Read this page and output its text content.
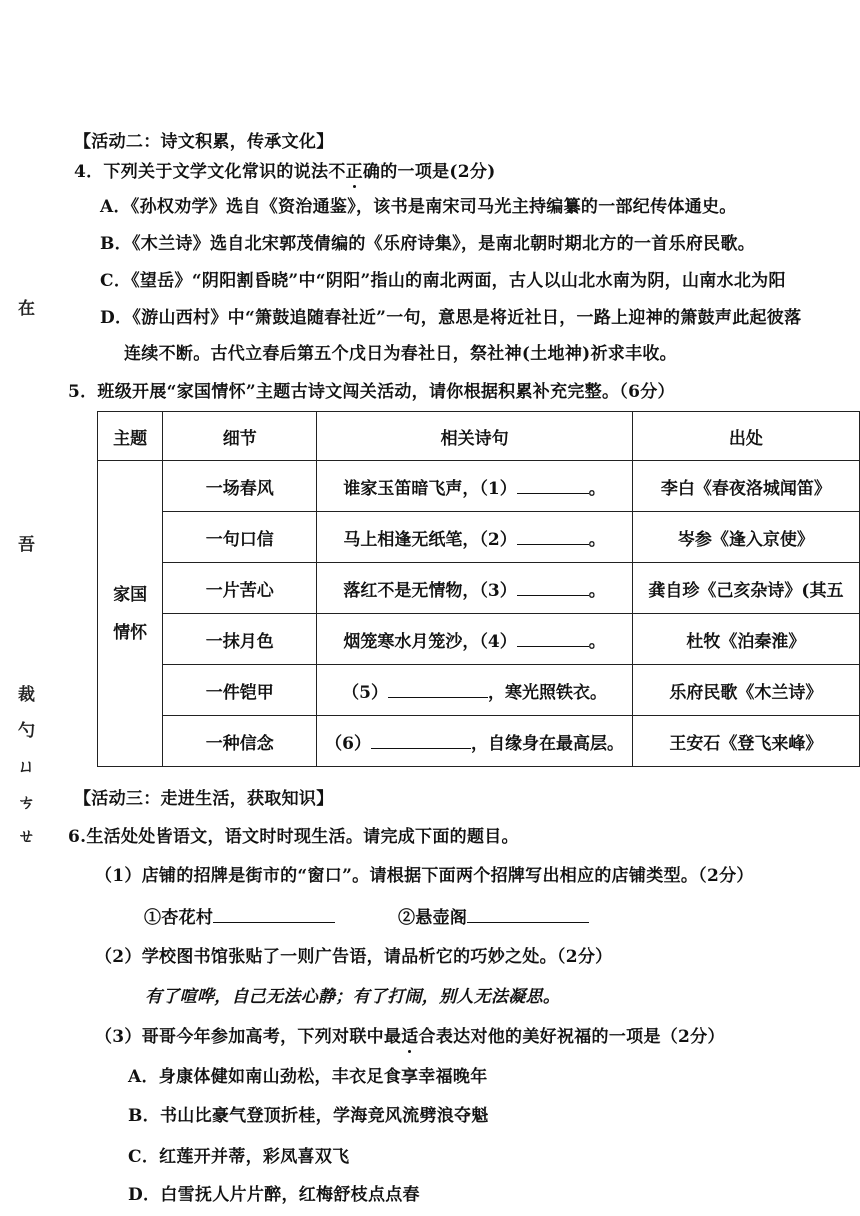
在
吾
裁
勺
ㄩ
ㄘ
ㄝ
【活动二：诗文积累，传承文化】
4．下列关于文学文化常识的说法不正确的一项是(2分)
A．《孙权劝学》选自《资治通鉴》，该书是南宋司马光主持编纂的一部纪传体通史。
B．《木兰诗》选自北宋郭茂倩编的《乐府诗集》，是南北朝时期北方的一首乐府民歌。
C．《望岳》“阴阳割昏晓”中“阴阳”指山的南北两面，古人以山北水南为阴，山南水北为阳
D．《游山西村》中“箫鼓追随春社近”一句，意思是将近社日，一路上迎神的箫鼓声此起彼落
连续不断。古代立春后第五个戊日为春社日，祭社神(土地神)祈求丰收。
5．班级开展“家国情怀”主题古诗文闯关活动，请你根据积累补充完整。（6分）
主题	细节	相关诗句	出处

家国
情怀	一场春风	谁家玉笛暗飞声，（1） 。	李白《春夜洛城闻笛》
	一句口信	马上相逢无纸笔，（2） 。	岑参《逢入京使》
	一片苦心	落红不是无情物，（3） 。	龚自珍《己亥杂诗》(其五
	一抹月色	烟笼寒水月笼沙，（4） 。	杜牧《泊秦淮》
	一件铠甲	（5） ，寒光照铁衣。	乐府民歌《木兰诗》
	一种信念	（6） ，自缘身在最高层。	王安石《登飞来峰》
【活动三：走进生活，获取知识】
6.生活处处皆语文，语文时时现生活。请完成下面的题目。
（1）店铺的招牌是街市的“窗口”。请根据下面两个招牌写出相应的店铺类型。（2分）
①杏花村	②悬壶阁
（2）学校图书馆张贴了一则广告语，请品析它的巧妙之处。（2分）
有了喧哗，自己无法心静；有了打闹，别人无法凝思。
（3）哥哥今年参加高考，下列对联中最适合表达对他的美好祝福的一项是（2分）
A．身康体健如南山劲松，丰衣足食享幸福晚年
B．书山比豪气登顶折桂，学海竞风流劈浪夺魁
C．红莲开并蒂，彩凤喜双飞
D．白雪抚人片片醉，红梅舒枝点点春
